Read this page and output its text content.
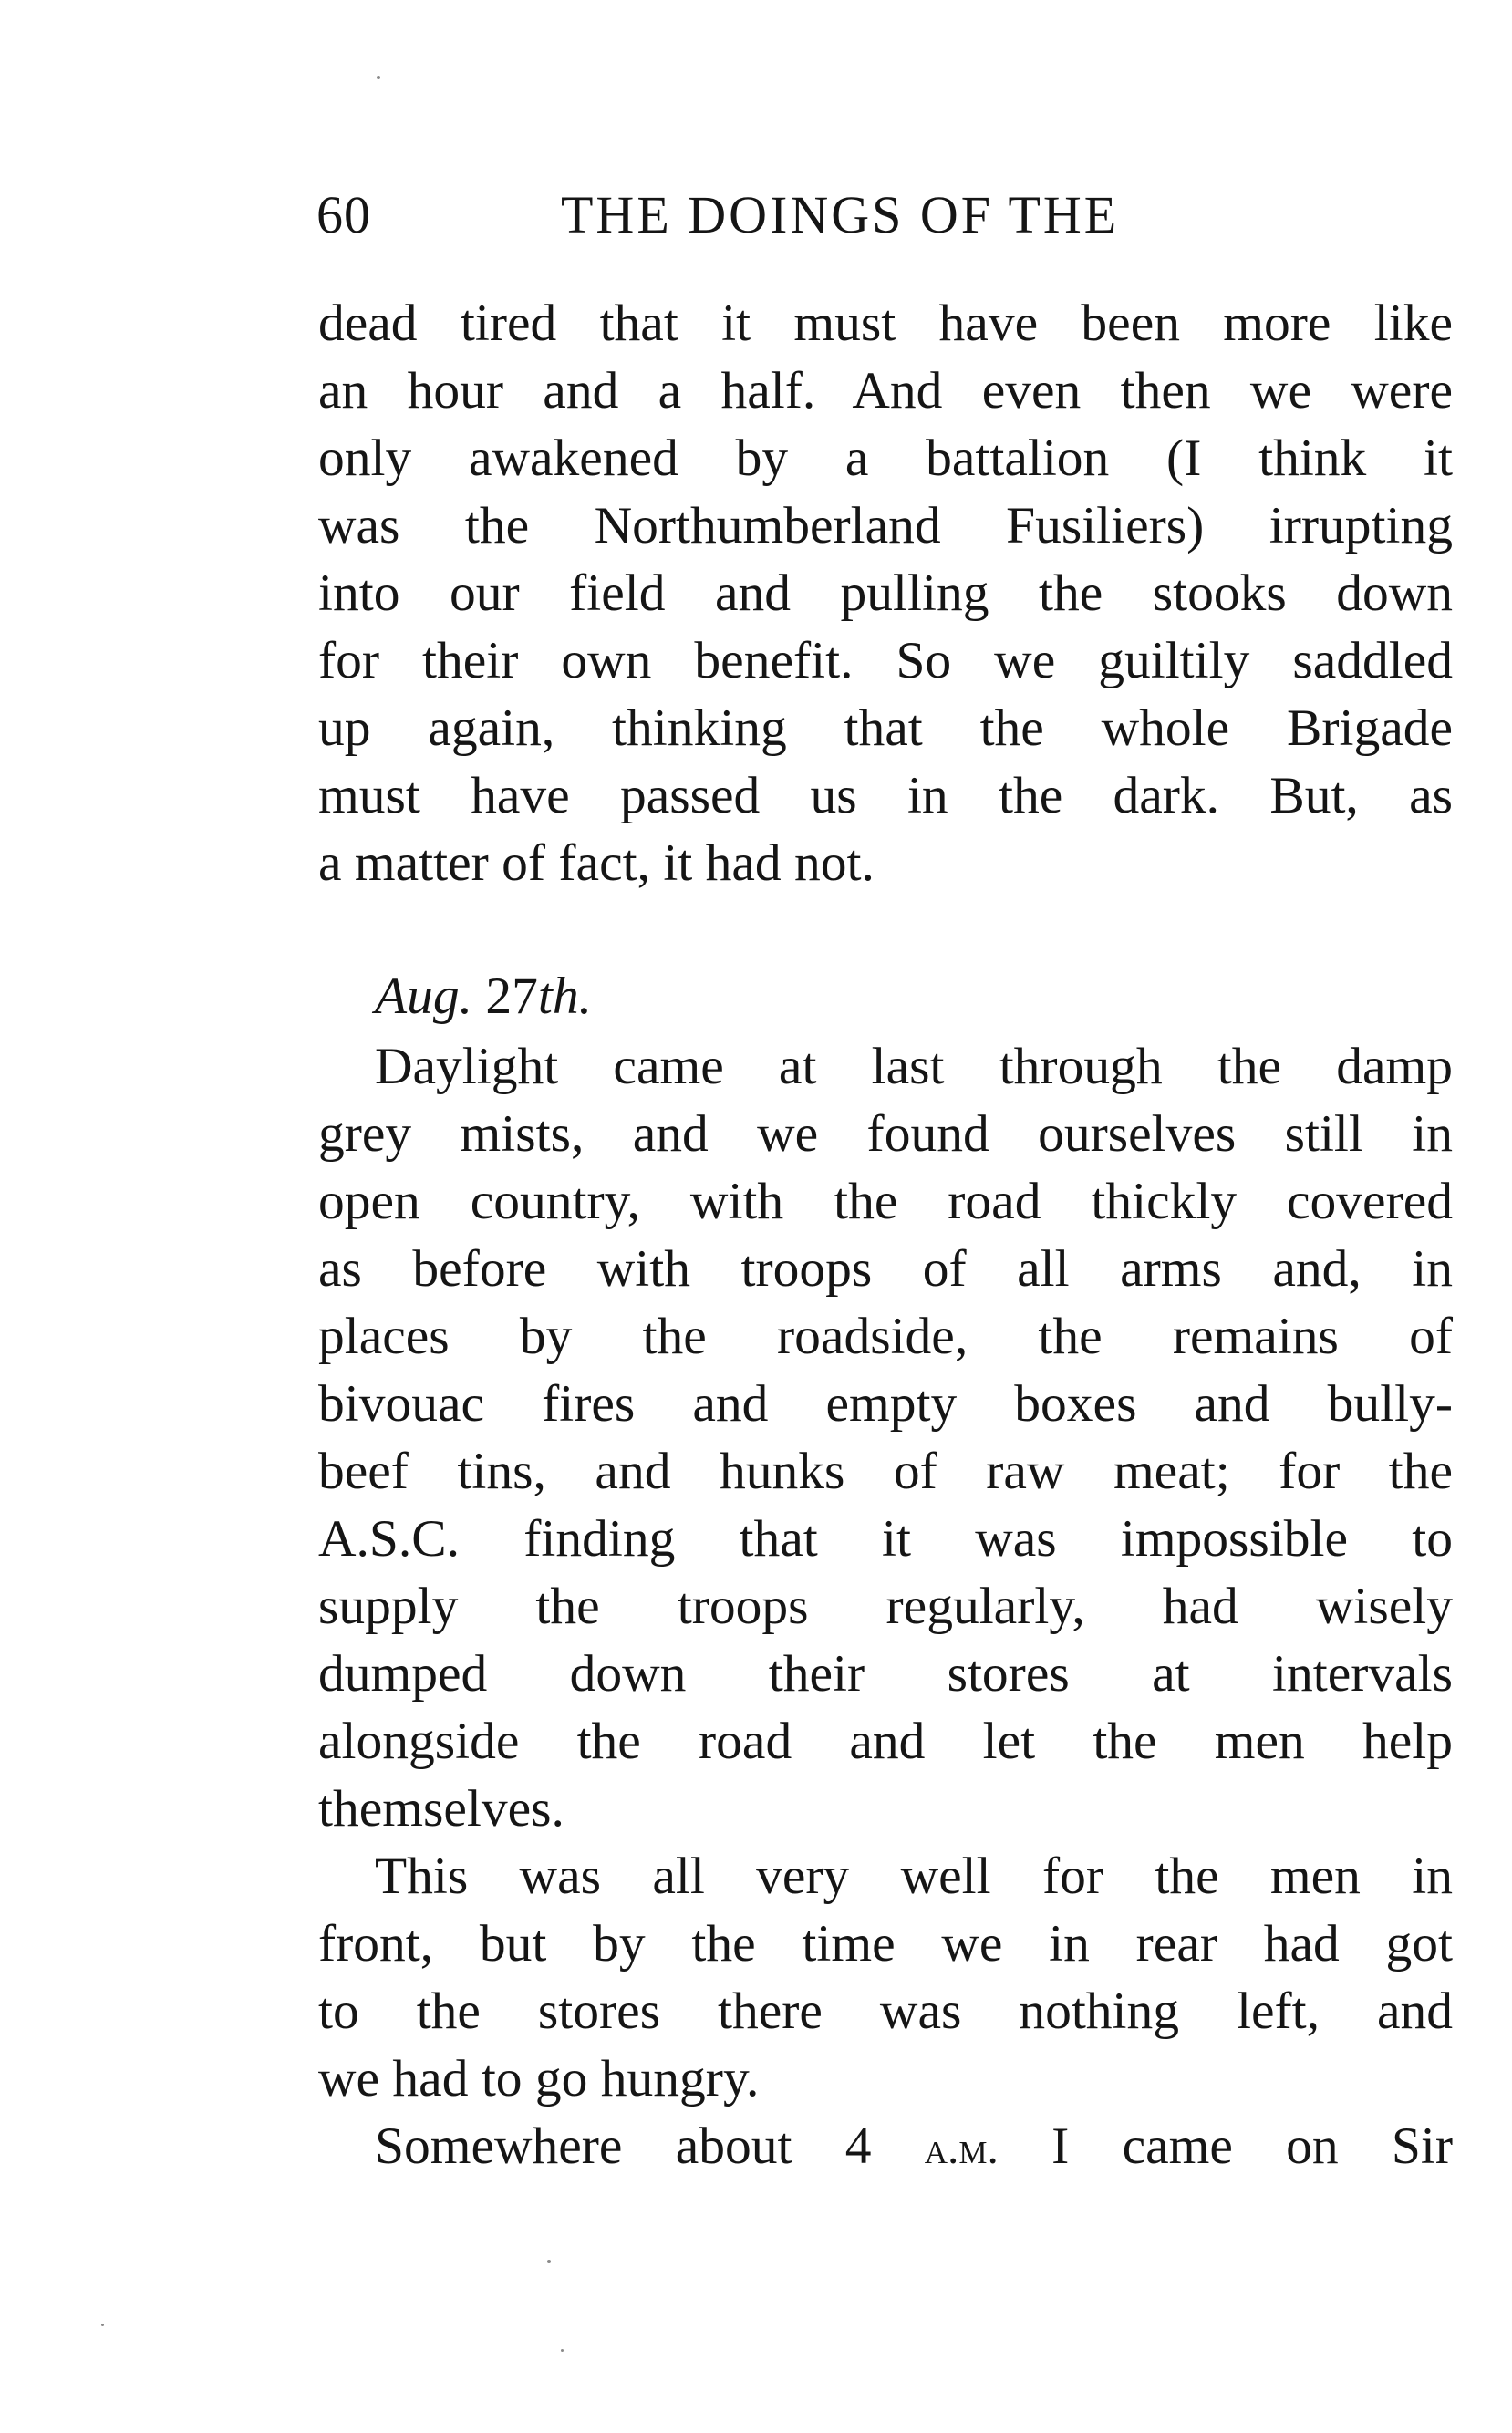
60	THE DOINGS OF THE
dead tired that it must have been more like
an hour and a half. And even then we were
only awakened by a battalion (I think it
was the Northumberland Fusiliers) irrupting
into our field and pulling the stooks down
for their own benefit. So we guiltily saddled
up again, thinking that the whole Brigade
must have passed us in the dark. But, as
a matter of fact, it had not.
Aug. 27th.
Daylight came at last through the damp
grey mists, and we found ourselves still in
open country, with the road thickly covered
as before with troops of all arms and, in
places by the roadside, the remains of
bivouac fires and empty boxes and bully-
beef tins, and hunks of raw meat; for the
A.S.C. finding that it was impossible to
supply the troops regularly, had wisely
dumped down their stores at intervals
alongside the road and let the men help
themselves.
This was all very well for the men in
front, but by the time we in rear had got
to the stores there was nothing left, and
we had to go hungry.
Somewhere about 4 a.m. I came on Sir
